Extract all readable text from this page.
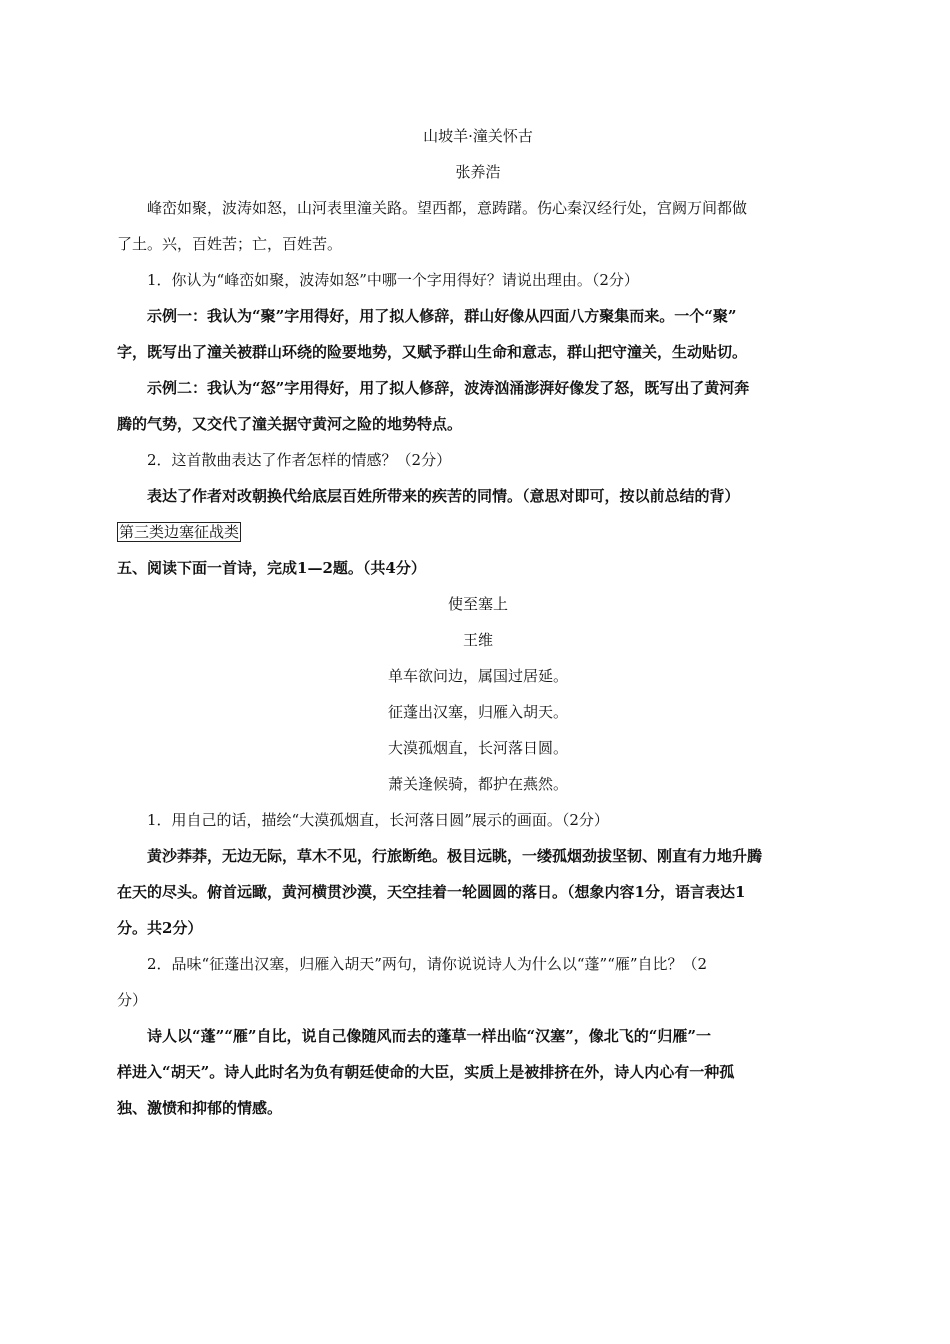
山坡羊·潼关怀古
张养浩
峰峦如聚，波涛如怒，山河表里潼关路。望西都，意踌躇。伤心秦汉经行处，宫阙万间都做
了土。兴，百姓苦；亡，百姓苦。
1．你认为“峰峦如聚，波涛如怒”中哪一个字用得好？请说出理由。（2分）
示例一：我认为“聚”字用得好，用了拟人修辞，群山好像从四面八方聚集而来。一个“聚”
字，既写出了潼关被群山环绕的险要地势，又赋予群山生命和意志，群山把守潼关，生动贴切。
示例二：我认为“怒”字用得好，用了拟人修辞，波涛汹涌澎湃好像发了怒，既写出了黄河奔
腾的气势，又交代了潼关据守黄河之险的地势特点。
2．这首散曲表达了作者怎样的情感？（2分）
表达了作者对改朝换代给底层百姓所带来的疾苦的同情。（意思对即可，按以前总结的背）
第三类边塞征战类
五、阅读下面一首诗，完成1—2题。（共4分）
使至塞上
王维
单车欲问边，属国过居延。
征蓬出汉塞，归雁入胡天。
大漠孤烟直，长河落日圆。
萧关逢候骑，都护在燕然。
1．用自己的话，描绘“大漠孤烟直，长河落日圆”展示的画面。（2分）
黄沙莽莽，无边无际，草木不见，行旅断绝。极目远眺，一缕孤烟劲拔坚韧、刚直有力地升腾
在天的尽头。俯首远瞰，黄河横贯沙漠，天空挂着一轮圆圆的落日。（想象内容1分，语言表达1
分。共2分）
2．品味“征蓬出汉塞，归雁入胡天”两句，请你说说诗人为什么以“蓬”“雁”自比？（2
分）
诗人以“蓬”“雁”自比，说自己像随风而去的蓬草一样出临“汉塞”，像北飞的“归雁”一
样进入“胡天”。诗人此时名为负有朝廷使命的大臣，实质上是被排挤在外，诗人内心有一种孤
独、激愤和抑郁的情感。
